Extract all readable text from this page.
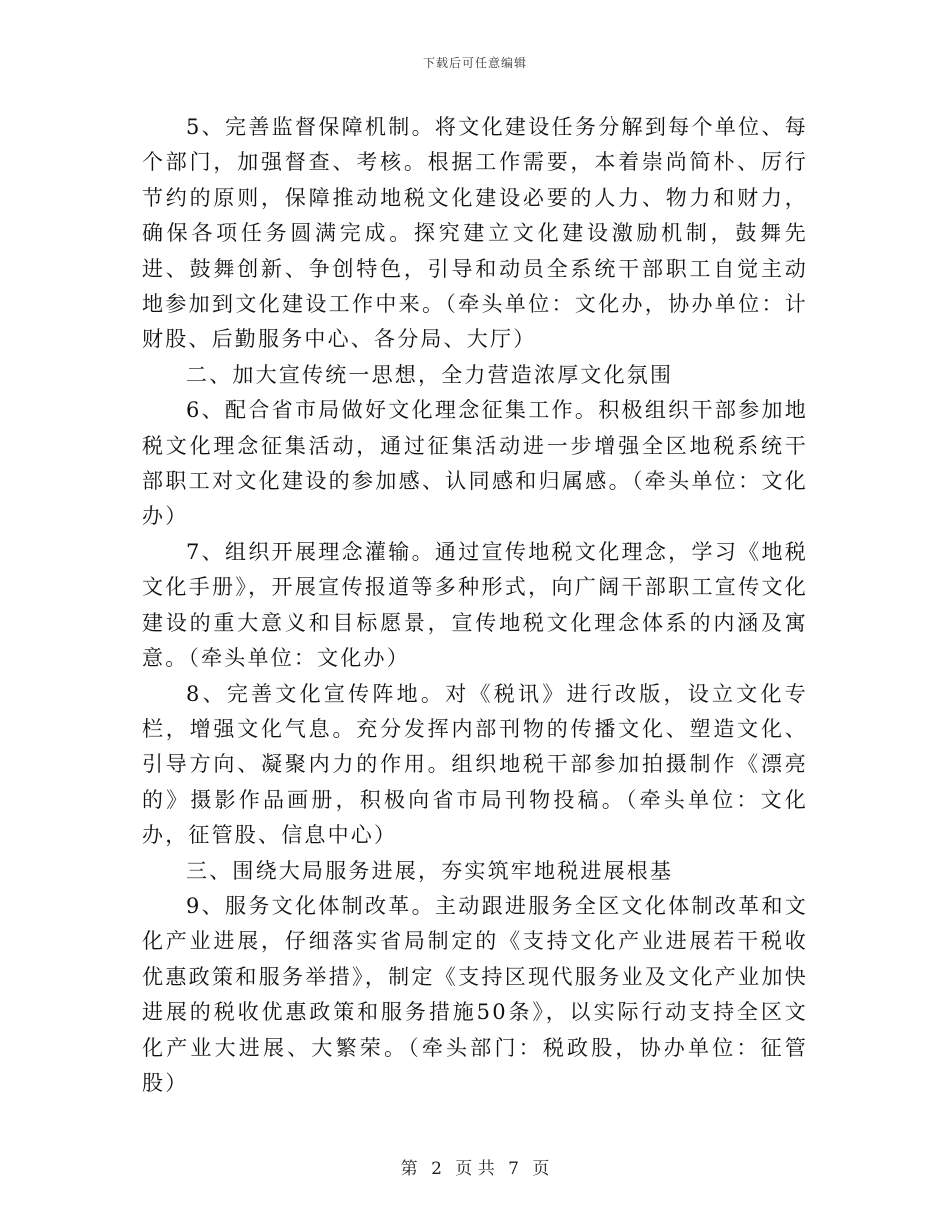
下载后可任意编辑

5、完善监督保障机制。将文化建设任务分解到每个单位、每个部门，加强督查、考核。根据工作需要，本着崇尚简朴、厉行节约的原则，保障推动地税文化建设必要的人力、物力和财力，确保各项任务圆满完成。探究建立文化建设激励机制，鼓舞先进、鼓舞创新、争创特色，引导和动员全系统干部职工自觉主动地参加到文化建设工作中来。（牵头单位：文化办，协办单位：计财股、后勤服务中心、各分局、大厅）

二、加大宣传统一思想，全力营造浓厚文化氛围

6、配合省市局做好文化理念征集工作。积极组织干部参加地税文化理念征集活动，通过征集活动进一步增强全区地税系统干部职工对文化建设的参加感、认同感和归属感。（牵头单位：文化办）

7、组织开展理念灌输。通过宣传地税文化理念，学习《地税文化手册》，开展宣传报道等多种形式，向广阔干部职工宣传文化建设的重大意义和目标愿景，宣传地税文化理念体系的内涵及寓意。（牵头单位：文化办）

8、完善文化宣传阵地。对《税讯》进行改版，设立文化专栏，增强文化气息。充分发挥内部刊物的传播文化、塑造文化、引导方向、凝聚内力的作用。组织地税干部参加拍摄制作《漂亮的》摄影作品画册，积极向省市局刊物投稿。（牵头单位：文化办，征管股、信息中心）

三、围绕大局服务进展，夯实筑牢地税进展根基

9、服务文化体制改革。主动跟进服务全区文化体制改革和文化产业进展，仔细落实省局制定的《支持文化产业进展若干税收优惠政策和服务举措》，制定《支持区现代服务业及文化产业加快进展的税收优惠政策和服务措施50条》，以实际行动支持全区文化产业大进展、大繁荣。（牵头部门：税政股，协办单位：征管股）

第 2 页 共 7 页
